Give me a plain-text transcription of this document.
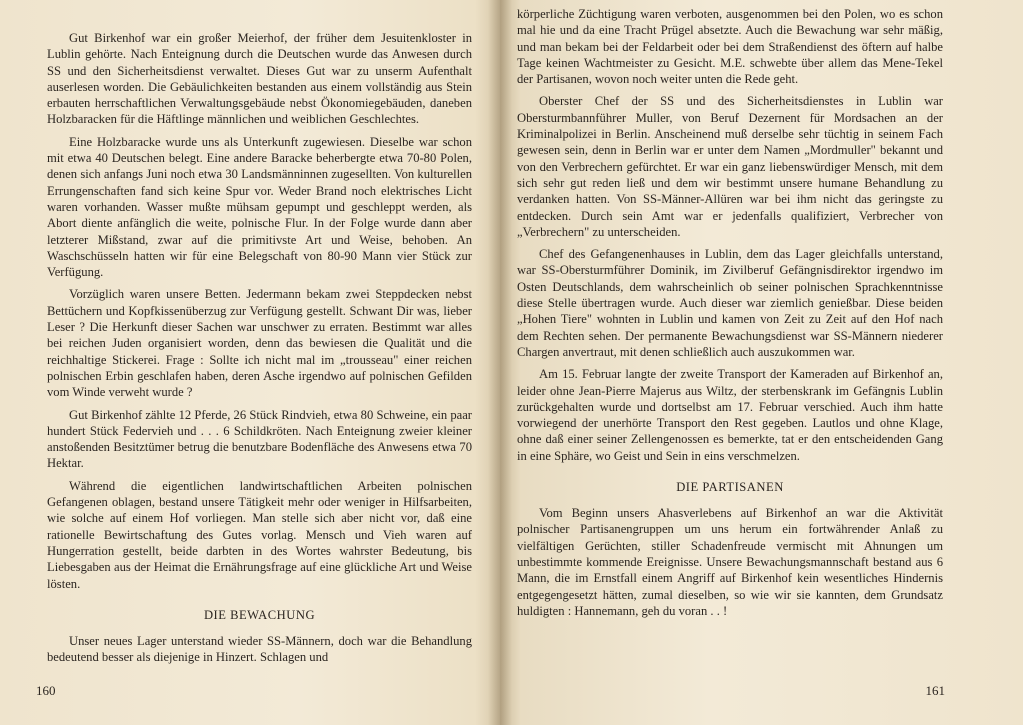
Gut Birkenhof war ein großer Meierhof, der früher dem Jesuitenkloster in Lublin gehörte. Nach Enteignung durch die Deutschen wurde das Anwesen durch SS und den Sicherheitsdienst verwaltet. Dieses Gut war zu unserm Aufenthalt auserlesen worden. Die Gebäulichkeiten bestanden aus einem vollständig aus Stein erbauten herrschaftlichen Verwaltungsgebäude nebst Ökonomiegebäuden, daneben Holzbaracken für die Häftlinge männlichen und weiblichen Geschlechtes.

Eine Holzbaracke wurde uns als Unterkunft zugewiesen. Dieselbe war schon mit etwa 40 Deutschen belegt. Eine andere Baracke beherbergte etwa 70-80 Polen, denen sich anfangs Juni noch etwa 30 Landsmänninnen zugesellten. Von kulturellen Errungenschaften fand sich keine Spur vor. Weder Brand noch elektrisches Licht waren vorhanden. Wasser mußte mühsam gepumpt und geschleppt werden, als Abort diente anfänglich die weite, polnische Flur. In der Folge wurde dann aber letzterer Mißstand, zwar auf die primitivste Art und Weise, behoben. An Waschschüsseln hatten wir für eine Belegschaft von 80-90 Mann vier Stück zur Verfügung.

Vorzüglich waren unsere Betten. Jedermann bekam zwei Steppdecken nebst Bettüchern und Kopfkissenüberzug zur Verfügung gestellt. Schwant Dir was, lieber Leser ? Die Herkunft dieser Sachen war unschwer zu erraten. Bestimmt war alles bei reichen Juden organisiert worden, denn das bewiesen die Qualität und die reichhaltige Stickerei. Frage : Sollte ich nicht mal im „trousseau" einer reichen polnischen Erbin geschlafen haben, deren Asche irgendwo auf polnischen Gefilden vom Winde verweht wurde ?

Gut Birkenhof zählte 12 Pferde, 26 Stück Rindvieh, etwa 80 Schweine, ein paar hundert Stück Federvieh und . . . 6 Schildkröten. Nach Enteignung zweier kleiner anstoßenden Besitztümer betrug die benutzbare Bodenfläche des Anwesens etwa 70 Hektar.

Während die eigentlichen landwirtschaftlichen Arbeiten polnischen Gefangenen oblagen, bestand unsere Tätigkeit mehr oder weniger in Hilfsarbeiten, wie solche auf einem Hof vorliegen. Man stelle sich aber nicht vor, daß eine rationelle Bewirtschaftung des Gutes vorlag. Mensch und Vieh waren auf Hungerration gestellt, beide darbten in des Wortes wahrster Bedeutung, bis Liebesgaben aus der Heimat die Ernährungsfrage auf eine glückliche Art und Weise lösten.

DIE BEWACHUNG

Unser neues Lager unterstand wieder SS-Männern, doch war die Behandlung bedeutend besser als diejenige in Hinzert. Schlagen und

160

körperliche Züchtigung waren verboten, ausgenommen bei den Polen, wo es schon mal hie und da eine Tracht Prügel absetzte. Auch die Bewachung war sehr mäßig, und man bekam bei der Feldarbeit oder bei dem Straßendienst des öftern auf halbe Tage keinen Wachtmeister zu Gesicht. M.E. schwebte über allem das Mene-Tekel der Partisanen, wovon noch weiter unten die Rede geht.

Oberster Chef der SS und des Sicherheitsdienstes in Lublin war Obersturmbannführer Muller, von Beruf Dezernent für Mordsachen an der Kriminalpolizei in Berlin. Anscheinend muß derselbe sehr tüchtig in seinem Fach gewesen sein, denn in Berlin war er unter dem Namen „Mordmuller" bekannt und von den Verbrechern gefürchtet. Er war ein ganz liebenswürdiger Mensch, mit dem sich sehr gut reden ließ und dem wir bestimmt unsere humane Behandlung zu verdanken hatten. Von SS-Männer-Allüren war bei ihm nicht das geringste zu entdecken. Durch sein Amt war er jedenfalls qualifiziert, Verbrecher von „Verbrechern" zu unterscheiden.

Chef des Gefangenenhauses in Lublin, dem das Lager gleichfalls unterstand, war SS-Obersturmführer Dominik, im Zivilberuf Gefängnisdirektor irgendwo im Osten Deutschlands, dem wahrscheinlich ob seiner polnischen Sprachkenntnisse diese Stelle übertragen wurde. Auch dieser war ziemlich genießbar. Diese beiden „Hohen Tiere" wohnten in Lublin und kamen von Zeit zu Zeit auf den Hof nach dem Rechten sehen. Der permanente Bewachungsdienst war SS-Männern niederer Chargen anvertraut, mit denen schließlich auch auszukommen war.

Am 15. Februar langte der zweite Transport der Kameraden auf Birkenhof an, leider ohne Jean-Pierre Majerus aus Wiltz, der sterbenskrank im Gefängnis Lublin zurückgehalten wurde und dortselbst am 17. Februar verschied. Auch ihm hatte vorwiegend der unerhörte Transport den Rest gegeben. Lautlos und ohne Klage, ohne daß einer seiner Zellengenossen es bemerkte, tat er den entscheidenden Gang in eine Sphäre, wo Geist und Sein in eins verschmelzen.

DIE PARTISANEN

Vom Beginn unsers Ahasverlebens auf Birkenhof an war die Aktivität polnischer Partisanengruppen um uns herum ein fortwährender Anlaß zu vielfältigen Gerüchten, stiller Schadenfreude vermischt mit Ahnungen um unbestimmte kommende Ereignisse. Unsere Bewachungsmannschaft bestand aus 6 Mann, die im Ernstfall einem Angriff auf Birkenhof kein wesentliches Hindernis entgegengesetzt hätten, zumal dieselben, so wie wir sie kannten, dem Grundsatz huldigten : Hannemann, geh du voran . . !

161
